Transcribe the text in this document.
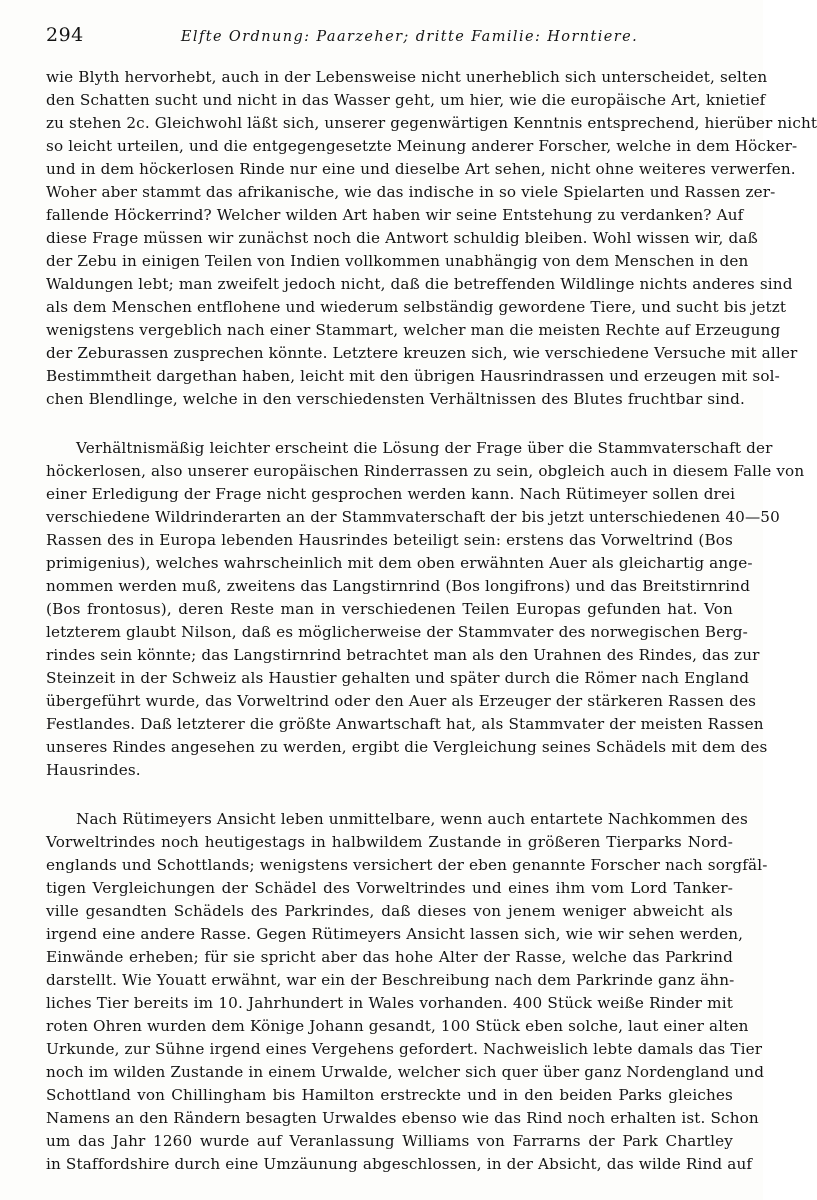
294	Elfte Ordnung: Paarzeher; dritte Familie: Horntiere.
wie Blyth hervorhebt, auch in der Lebensweise nicht unerheblich sich unterscheidet, selten
den Schatten sucht und nicht in das Wasser geht, um hier, wie die europäische Art, knietief
zu stehen 2c. Gleichwohl läßt sich, unserer gegenwärtigen Kenntnis entsprechend, hierüber nicht
so leicht urteilen, und die entgegengesetzte Meinung anderer Forscher, welche in dem Höcker-
und in dem höckerlosen Rinde nur eine und dieselbe Art sehen, nicht ohne weiteres verwerfen.
Woher aber stammt das afrikanische, wie das indische in so viele Spielarten und Rassen zer-
fallende Höckerrind? Welcher wilden Art haben wir seine Entstehung zu verdanken? Auf
diese Frage müssen wir zunächst noch die Antwort schuldig bleiben. Wohl wissen wir, daß
der Zebu in einigen Teilen von Indien vollkommen unabhängig von dem Menschen in den
Waldungen lebt; man zweifelt jedoch nicht, daß die betreffenden Wildlinge nichts anderes sind
als dem Menschen entflohene und wiederum selbständig gewordene Tiere, und sucht bis jetzt
wenigstens vergeblich nach einer Stammart, welcher man die meisten Rechte auf Erzeugung
der Zeburassen zusprechen könnte. Letztere kreuzen sich, wie verschiedene Versuche mit aller
Bestimmtheit dargethan haben, leicht mit den übrigen Hausrindrassen und erzeugen mit sol-
chen Blendlinge, welche in den verschiedensten Verhältnissen des Blutes fruchtbar sind.
Verhältnismäßig leichter erscheint die Lösung der Frage über die Stammvaterschaft der
höckerlosen, also unserer europäischen Rinderrassen zu sein, obgleich auch in diesem Falle von
einer Erledigung der Frage nicht gesprochen werden kann. Nach Rütimeyer sollen drei
verschiedene Wildrinderarten an der Stammvaterschaft der bis jetzt unterschiedenen 40—50
Rassen des in Europa lebenden Hausrindes beteiligt sein: erstens das Vorweltrind (Bos
primigenius), welches wahrscheinlich mit dem oben erwähnten Auer als gleichartig ange-
nommen werden muß, zweitens das Langstirnrind (Bos longifrons) und das Breitstirnrind
(Bos frontosus), deren Reste man in verschiedenen Teilen Europas gefunden hat. Von
letzterem glaubt Nilson, daß es möglicherweise der Stammvater des norwegischen Berg-
rindes sein könnte; das Langstirnrind betrachtet man als den Urahnen des Rindes, das zur
Steinzeit in der Schweiz als Haustier gehalten und später durch die Römer nach England
übergeführt wurde, das Vorweltrind oder den Auer als Erzeuger der stärkeren Rassen des
Festlandes. Daß letzterer die größte Anwartschaft hat, als Stammvater der meisten Rassen
unseres Rindes angesehen zu werden, ergibt die Vergleichung seines Schädels mit dem des
Hausrindes.
Nach Rütimeyers Ansicht leben unmittelbare, wenn auch entartete Nachkommen des
Vorweltrindes noch heutigestags in halbwildem Zustande in größeren Tierparks Nord-
englands und Schottlands; wenigstens versichert der eben genannte Forscher nach sorgfäl-
tigen Vergleichungen der Schädel des Vorweltrindes und eines ihm vom Lord Tanker-
ville gesandten Schädels des Parkrindes, daß dieses von jenem weniger abweicht als
irgend eine andere Rasse. Gegen Rütimeyers Ansicht lassen sich, wie wir sehen werden,
Einwände erheben; für sie spricht aber das hohe Alter der Rasse, welche das Parkrind
darstellt. Wie Youatt erwähnt, war ein der Beschreibung nach dem Parkrinde ganz ähn-
liches Tier bereits im 10. Jahrhundert in Wales vorhanden. 400 Stück weiße Rinder mit
roten Ohren wurden dem Könige Johann gesandt, 100 Stück eben solche, laut einer alten
Urkunde, zur Sühne irgend eines Vergehens gefordert. Nachweislich lebte damals das Tier
noch im wilden Zustande in einem Urwalde, welcher sich quer über ganz Nordengland und
Schottland von Chillingham bis Hamilton erstreckte und in den beiden Parks gleiches
Namens an den Rändern besagten Urwaldes ebenso wie das Rind noch erhalten ist. Schon
um das Jahr 1260 wurde auf Veranlassung Williams von Farrarns der Park Chartley
in Staffordshire durch eine Umzäunung abgeschlossen, in der Absicht, das wilde Rind auf
